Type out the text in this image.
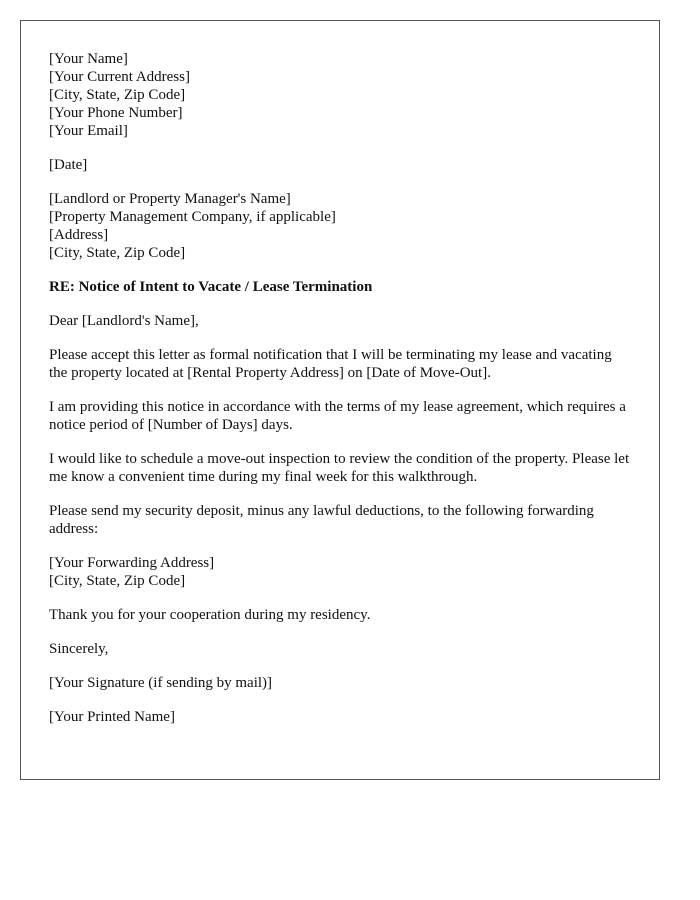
[Your Name]
[Your Current Address]
[City, State, Zip Code]
[Your Phone Number]
[Your Email]
[Date]
[Landlord or Property Manager's Name]
[Property Management Company, if applicable]
[Address]
[City, State, Zip Code]

RE: Notice of Intent to Vacate / Lease Termination

Dear [Landlord's Name],

Please accept this letter as formal notification that I will be terminating my lease and vacating the property located at [Rental Property Address] on [Date of Move-Out].

I am providing this notice in accordance with the terms of my lease agreement, which requires a notice period of [Number of Days] days.

I would like to schedule a move-out inspection to review the condition of the property. Please let me know a convenient time during my final week for this walkthrough.

Please send my security deposit, minus any lawful deductions, to the following forwarding address:

[Your Forwarding Address]
[City, State, Zip Code]

Thank you for your cooperation during my residency.

Sincerely,

[Your Signature (if sending by mail)]

[Your Printed Name]
